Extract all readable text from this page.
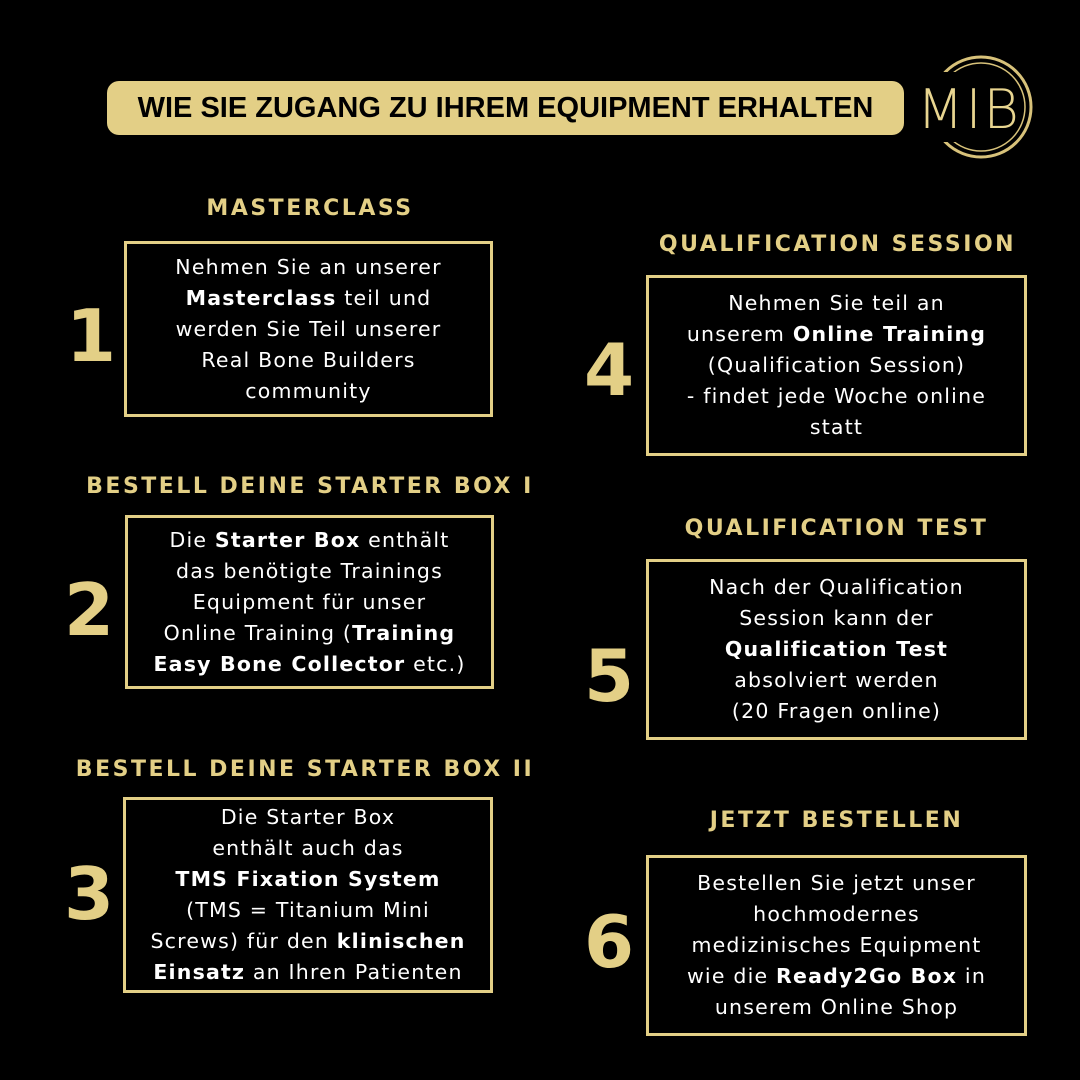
WIE SIE ZUGANG ZU IHREM EQUIPMENT ERHALTEN MIB
MASTERCLASS

Nehmen Sie an unserer
Masterclass teil und
werden Sie Teil unserer
Real Bone Builders
community

1
BESTELL DEINE STARTER BOX I

Die Starter Box enthält
das benötigte Trainings
Equipment für unser
Online Training (Training
Easy Bone Collector etc.)

2
BESTELL DEINE STARTER BOX II

Die Starter Box
enthält auch das
TMS Fixation System
(TMS = Titanium Mini
Screws) für den klinischen
Einsatz an Ihren Patienten

3
QUALIFICATION SESSION

Nehmen Sie teil an
unserem Online Training
(Qualification Session)
- findet jede Woche online
statt

4
QUALIFICATION TEST

Nach der Qualification
Session kann der
Qualification Test
absolviert werden
(20 Fragen online)

5
JETZT BESTELLEN

Bestellen Sie jetzt unser
hochmodernes
medizinisches Equipment
wie die Ready2Go Box in
unserem Online Shop

6
